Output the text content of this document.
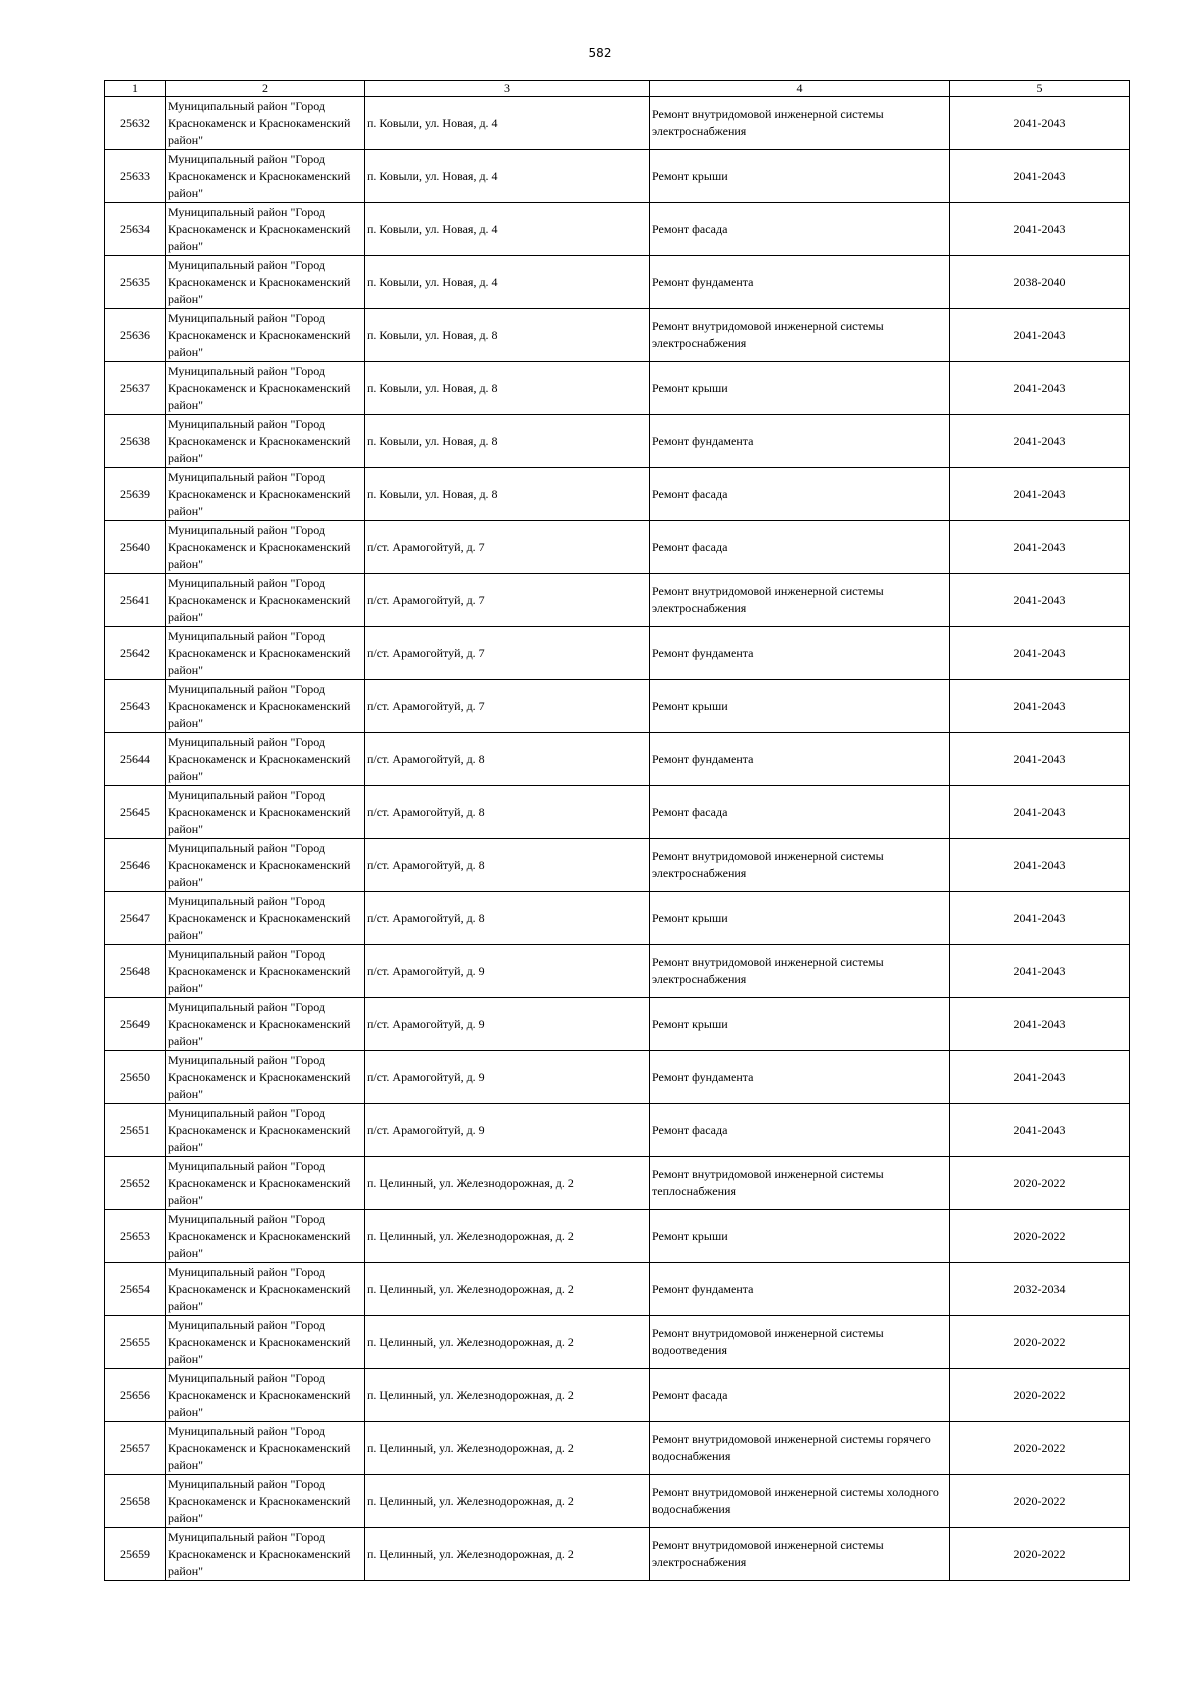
582
1	2	3	4	5
25632	Муниципальный район "Город Краснокаменск и Краснокаменский район"	п. Ковыли, ул. Новая, д. 4	Ремонт внутридомовой инженерной системы электроснабжения	2041-2043
25633	Муниципальный район "Город Краснокаменск и Краснокаменский район"	п. Ковыли, ул. Новая, д. 4	Ремонт крыши	2041-2043
25634	Муниципальный район "Город Краснокаменск и Краснокаменский район"	п. Ковыли, ул. Новая, д. 4	Ремонт фасада	2041-2043
25635	Муниципальный район "Город Краснокаменск и Краснокаменский район"	п. Ковыли, ул. Новая, д. 4	Ремонт фундамента	2038-2040
25636	Муниципальный район "Город Краснокаменск и Краснокаменский район"	п. Ковыли, ул. Новая, д. 8	Ремонт внутридомовой инженерной системы электроснабжения	2041-2043
25637	Муниципальный район "Город Краснокаменск и Краснокаменский район"	п. Ковыли, ул. Новая, д. 8	Ремонт крыши	2041-2043
25638	Муниципальный район "Город Краснокаменск и Краснокаменский район"	п. Ковыли, ул. Новая, д. 8	Ремонт фундамента	2041-2043
25639	Муниципальный район "Город Краснокаменск и Краснокаменский район"	п. Ковыли, ул. Новая, д. 8	Ремонт фасада	2041-2043
25640	Муниципальный район "Город Краснокаменск и Краснокаменский район"	п/ст. Арамогойтуй, д. 7	Ремонт фасада	2041-2043
25641	Муниципальный район "Город Краснокаменск и Краснокаменский район"	п/ст. Арамогойтуй, д. 7	Ремонт внутридомовой инженерной системы электроснабжения	2041-2043
25642	Муниципальный район "Город Краснокаменск и Краснокаменский район"	п/ст. Арамогойтуй, д. 7	Ремонт фундамента	2041-2043
25643	Муниципальный район "Город Краснокаменск и Краснокаменский район"	п/ст. Арамогойтуй, д. 7	Ремонт крыши	2041-2043
25644	Муниципальный район "Город Краснокаменск и Краснокаменский район"	п/ст. Арамогойтуй, д. 8	Ремонт фундамента	2041-2043
25645	Муниципальный район "Город Краснокаменск и Краснокаменский район"	п/ст. Арамогойтуй, д. 8	Ремонт фасада	2041-2043
25646	Муниципальный район "Город Краснокаменск и Краснокаменский район"	п/ст. Арамогойтуй, д. 8	Ремонт внутридомовой инженерной системы электроснабжения	2041-2043
25647	Муниципальный район "Город Краснокаменск и Краснокаменский район"	п/ст. Арамогойтуй, д. 8	Ремонт крыши	2041-2043
25648	Муниципальный район "Город Краснокаменск и Краснокаменский район"	п/ст. Арамогойтуй, д. 9	Ремонт внутридомовой инженерной системы электроснабжения	2041-2043
25649	Муниципальный район "Город Краснокаменск и Краснокаменский район"	п/ст. Арамогойтуй, д. 9	Ремонт крыши	2041-2043
25650	Муниципальный район "Город Краснокаменск и Краснокаменский район"	п/ст. Арамогойтуй, д. 9	Ремонт фундамента	2041-2043
25651	Муниципальный район "Город Краснокаменск и Краснокаменский район"	п/ст. Арамогойтуй, д. 9	Ремонт фасада	2041-2043
25652	Муниципальный район "Город Краснокаменск и Краснокаменский район"	п. Целинный, ул. Железнодорожная, д. 2	Ремонт внутридомовой инженерной системы теплоснабжения	2020-2022
25653	Муниципальный район "Город Краснокаменск и Краснокаменский район"	п. Целинный, ул. Железнодорожная, д. 2	Ремонт крыши	2020-2022
25654	Муниципальный район "Город Краснокаменск и Краснокаменский район"	п. Целинный, ул. Железнодорожная, д. 2	Ремонт фундамента	2032-2034
25655	Муниципальный район "Город Краснокаменск и Краснокаменский район"	п. Целинный, ул. Железнодорожная, д. 2	Ремонт внутридомовой инженерной системы водоотведения	2020-2022
25656	Муниципальный район "Город Краснокаменск и Краснокаменский район"	п. Целинный, ул. Железнодорожная, д. 2	Ремонт фасада	2020-2022
25657	Муниципальный район "Город Краснокаменск и Краснокаменский район"	п. Целинный, ул. Железнодорожная, д. 2	Ремонт внутридомовой инженерной системы горячего водоснабжения	2020-2022
25658	Муниципальный район "Город Краснокаменск и Краснокаменский район"	п. Целинный, ул. Железнодорожная, д. 2	Ремонт внутридомовой инженерной системы холодного водоснабжения	2020-2022
25659	Муниципальный район "Город Краснокаменск и Краснокаменский район"	п. Целинный, ул. Железнодорожная, д. 2	Ремонт внутридомовой инженерной системы электроснабжения	2020-2022
